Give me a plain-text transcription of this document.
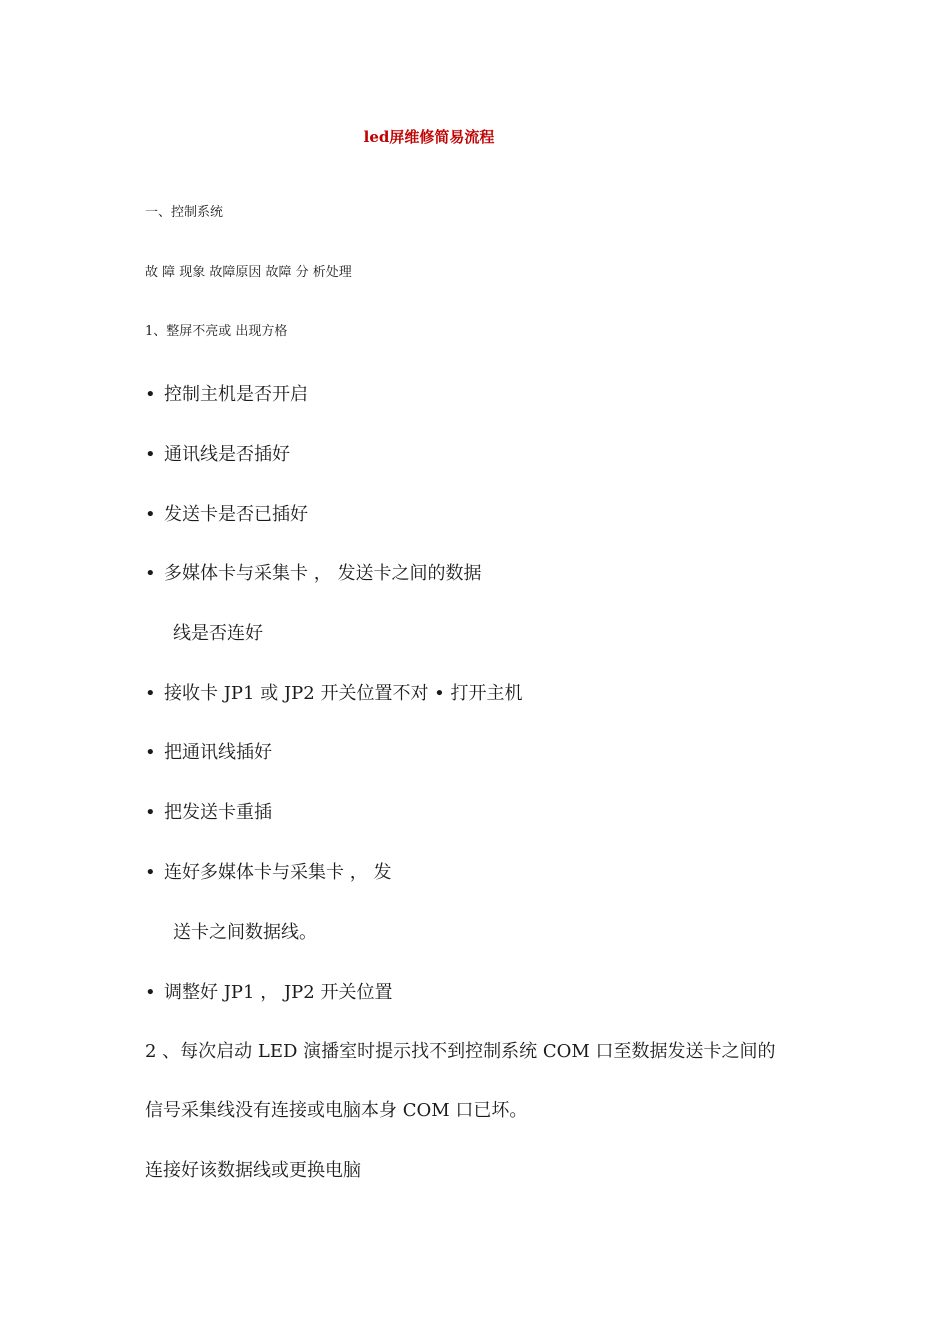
led屏维修简易流程
一、控制系统
故 障 现象 故障原因 故障 分 析处理
1、整屏不亮或 出现方格
• 控制主机是否开启
• 通讯线是否插好
• 发送卡是否已插好
• 多媒体卡与采集卡 ， 发送卡之间的数据
线是否连好
• 接收卡 JP1 或 JP2 开关位置不对 • 打开主机
• 把通讯线插好
• 把发送卡重插
• 连好多媒体卡与采集卡 ， 发
送卡之间数据线。
• 调整好 JP1 ， JP2 开关位置
2 、每次启动 LED 演播室时提示找不到控制系统 COM 口至数据发送卡之间的
信号采集线没有连接或电脑本身 COM 口已坏。
连接好该数据线或更换电脑
